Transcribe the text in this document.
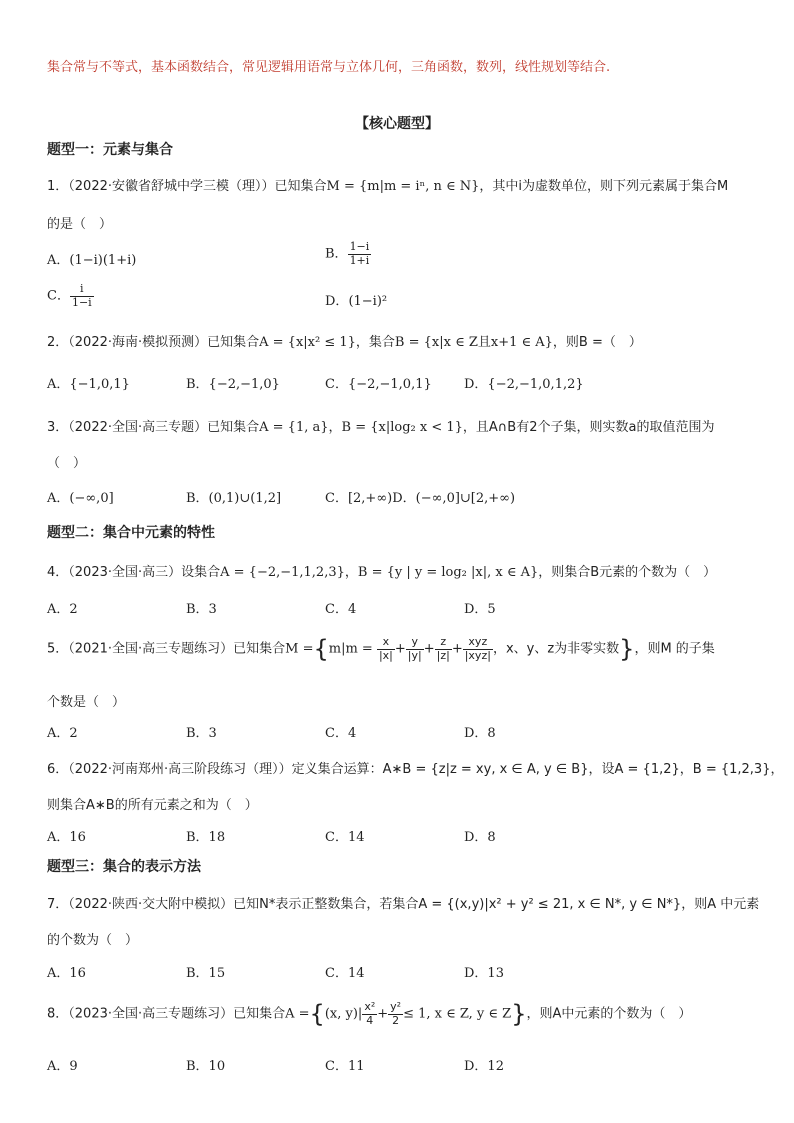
集合常与不等式，基本函数结合，常见逻辑用语常与立体几何，三角函数，数列，线性规划等结合.
【核心题型】
题型一：元素与集合
1．（2022·安徽省舒城中学三模（理））已知集合M = {m|m = iⁿ, n ∈ N}，其中i为虚数单位，则下列元素属于集合M
的是（　）
A．(1−i)(1+i)	B． $\frac{1-i}{1+i}$
C． $\frac{i}{1-i}$	D．(1−i)²
2．（2022·海南·模拟预测）已知集合A = {x|x² ≤ 1}，集合B = {x|x ∈ Z且x+1 ∈ A}，则B =（　）
A．{−1,0,1}	B．{−2,−1,0}	C．{−2,−1,0,1} D．{−2,−1,0,1,2}
3．（2022·全国·高三专题）已知集合A = {1, a}，B = {x|log₂ x < 1}，且A∩B有2个子集，则实数a的取值范围为
（　）
A．(−∞,0]	B．(0,1)∪(1,2]	C．[2,+∞)D．(−∞,0]∪[2,+∞)
题型二：集合中元素的特性
4．（2023·全国·高三）设集合A = {−2,−1,1,2,3}，B = {y | y = log₂ |x|, x ∈ A}，则集合B元素的个数为（　）
A．2	B．3	C．4	D．5
5．（2021·全国·高三专题练习）已知集合$M =\{m|m = \frac{x}{|x|} + \frac{y}{|y|} + \frac{z}{|z|} + \frac{\text{xyz}}{\text{|xyz|}}$ ，x、y、z为非零实数}，则M 的子集
个数是（　）
A．2	B．3	C．4	D．8
6．（2022·河南郑州·高三阶段练习（理））定义集合运算：A∗B = {z|z = xy, x ∈ A, y ∈ B}，设A = {1,2}，B = {1,2,3}，
则集合A∗B的所有元素之和为（　）
A．16	B．18	C．14	D．8
题型三：集合的表示方法
7．（2022·陕西·交大附中模拟）已知N*表示正整数集合，若集合A = {(x,y)|x² + y² ≤ 21, x ∈ N*, y ∈ N*}，则A 中元素
的个数为（　）
A．16	B．15	C．14	D．13
8．（2023·全国·高三专题练习）已知集合A ={(x, $y)| \frac{\text{x²}}{4} + \frac{\text{y²}}{2} \le 1$, x ∈ Z, y ∈ Z}，则A中元素的个数为（　）
A．9	B．10	C．11	D．12
